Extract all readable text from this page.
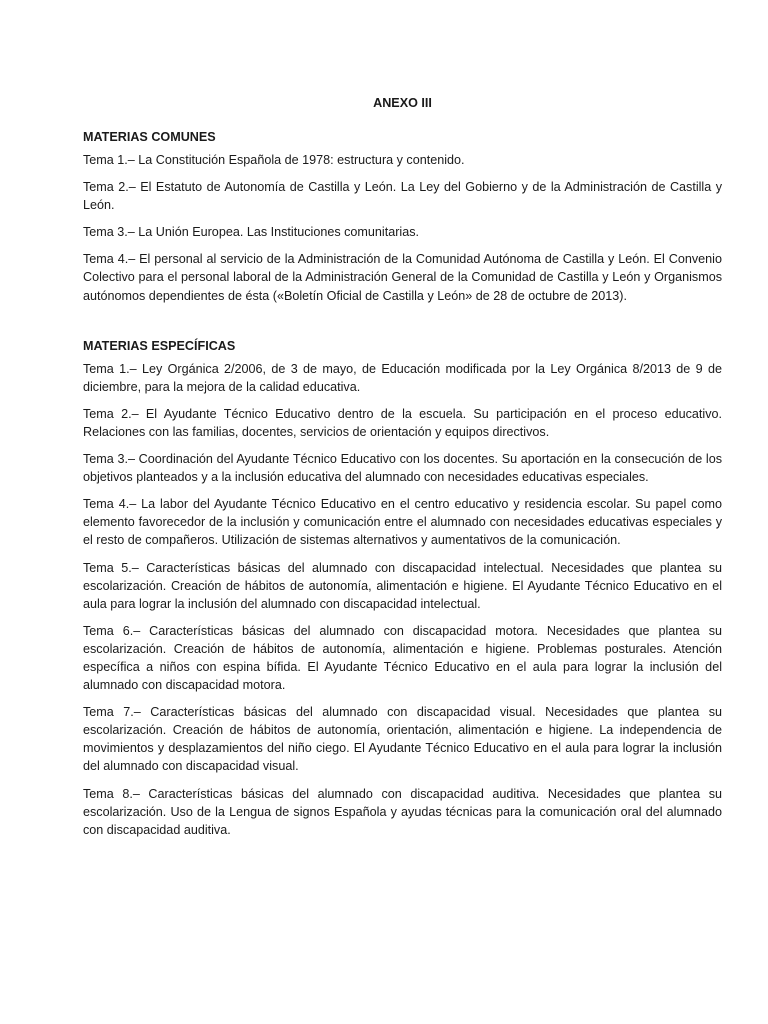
ANEXO III
MATERIAS COMUNES

Tema 1.– La Constitución Española de 1978: estructura y contenido.

Tema 2.– El Estatuto de Autonomía de Castilla y León. La Ley del Gobierno y de la Administración de Castilla y León.

Tema 3.– La Unión Europea. Las Instituciones comunitarias.

Tema 4.– El personal al servicio de la Administración de la Comunidad Autónoma de Castilla y León. El Convenio Colectivo para el personal laboral de la Administración General de la Comunidad de Castilla y León y Organismos autónomos dependientes de ésta («Boletín Oficial de Castilla y León» de 28 de octubre de 2013).

MATERIAS ESPECÍFICAS

Tema 1.– Ley Orgánica 2/2006, de 3 de mayo, de Educación modificada por la Ley Orgánica 8/2013 de 9 de diciembre, para la mejora de la calidad educativa.

Tema 2.– El Ayudante Técnico Educativo dentro de la escuela. Su participación en el proceso educativo. Relaciones con las familias, docentes, servicios de orientación y equipos directivos.

Tema 3.– Coordinación del Ayudante Técnico Educativo con los docentes. Su aportación en la consecución de los objetivos planteados y a la inclusión educativa del alumnado con necesidades educativas especiales.

Tema 4.– La labor del Ayudante Técnico Educativo en el centro educativo y residencia escolar. Su papel como elemento favorecedor de la inclusión y comunicación entre el alumnado con necesidades educativas especiales y el resto de compañeros. Utilización de sistemas alternativos y aumentativos de la comunicación.

Tema 5.– Características básicas del alumnado con discapacidad intelectual. Necesidades que plantea su escolarización. Creación de hábitos de autonomía, alimentación e higiene. El Ayudante Técnico Educativo en el aula para lograr la inclusión del alumnado con discapacidad intelectual.

Tema 6.– Características básicas del alumnado con discapacidad motora. Necesidades que plantea su escolarización. Creación de hábitos de autonomía, alimentación e higiene. Problemas posturales. Atención específica a niños con espina bífida. El Ayudante Técnico Educativo en el aula para lograr la inclusión del alumnado con discapacidad motora.

Tema 7.– Características básicas del alumnado con discapacidad visual. Necesidades que plantea su escolarización. Creación de hábitos de autonomía, orientación, alimentación e higiene. La independencia de movimientos y desplazamientos del niño ciego. El Ayudante Técnico Educativo en el aula para lograr la inclusión del alumnado con discapacidad visual.

Tema 8.– Características básicas del alumnado con discapacidad auditiva. Necesidades que plantea su escolarización. Uso de la Lengua de signos Española y ayudas técnicas para la comunicación oral del alumnado con discapacidad auditiva.
